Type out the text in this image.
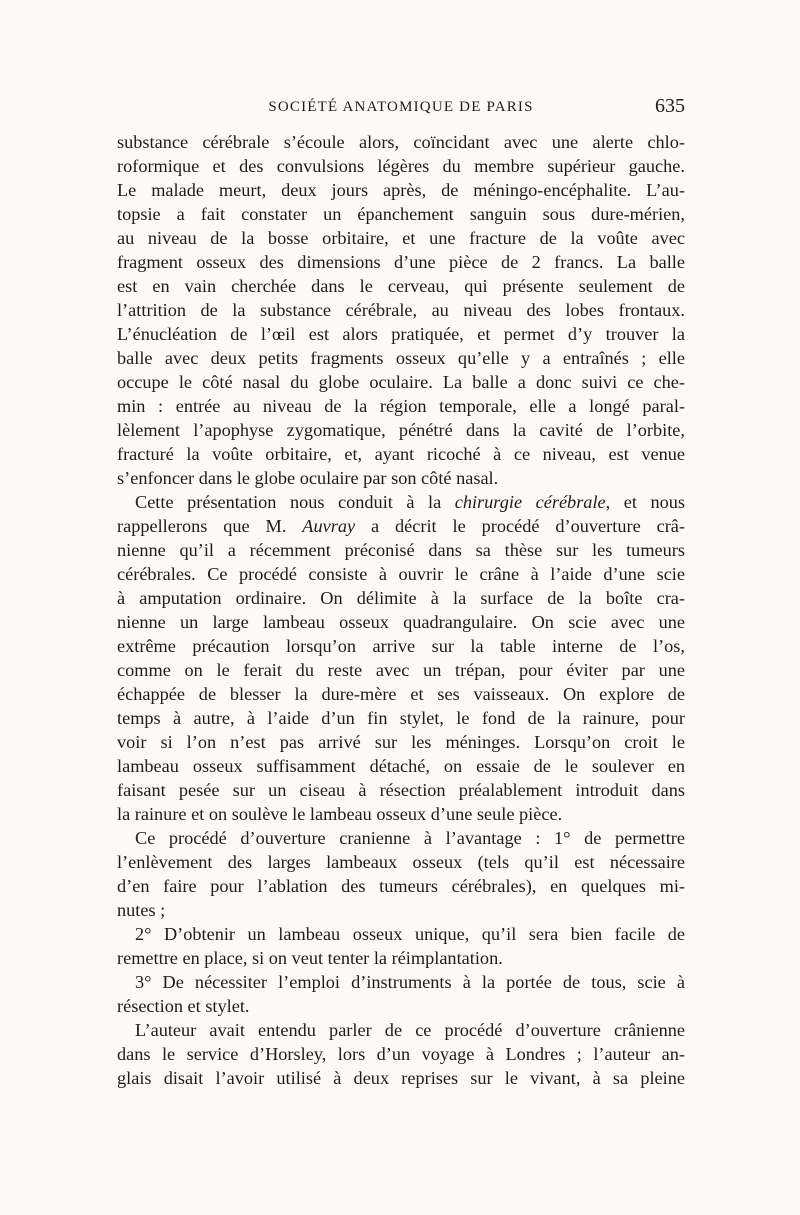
SOCIÉTÉ ANATOMIQUE DE PARIS	635
substance cérébrale s’écoule alors, coïncidant avec une alerte chlo-
roformique et des convulsions légères du membre supérieur gauche.
Le malade meurt, deux jours après, de méningo-encéphalite. L’au-
topsie a fait constater un épanchement sanguin sous dure-mérien,
au niveau de la bosse orbitaire, et une fracture de la voûte avec
fragment osseux des dimensions d’une pièce de 2 francs. La balle
est en vain cherchée dans le cerveau, qui présente seulement de
l’attrition de la substance cérébrale, au niveau des lobes frontaux.
L’énucléation de l’œil est alors pratiquée, et permet d’y trouver la
balle avec deux petits fragments osseux qu’elle y a entraînés ; elle
occupe le côté nasal du globe oculaire. La balle a donc suivi ce che-
min : entrée au niveau de la région temporale, elle a longé paral-
lèlement l’apophyse zygomatique, pénétré dans la cavité de l’orbite,
fracturé la voûte orbitaire, et, ayant ricoché à ce niveau, est venue
s’enfoncer dans le globe oculaire par son côté nasal.
Cette présentation nous conduit à la chirurgie cérébrale, et nous
rappellerons que M. Auvray a décrit le procédé d’ouverture crâ-
nienne qu’il a récemment préconisé dans sa thèse sur les tumeurs
cérébrales. Ce procédé consiste à ouvrir le crâne à l’aide d’une scie
à amputation ordinaire. On délimite à la surface de la boîte cra-
nienne un large lambeau osseux quadrangulaire. On scie avec une
extrême précaution lorsqu’on arrive sur la table interne de l’os,
comme on le ferait du reste avec un trépan, pour éviter par une
échappée de blesser la dure-mère et ses vaisseaux. On explore de
temps à autre, à l’aide d’un fin stylet, le fond de la rainure, pour
voir si l’on n’est pas arrivé sur les méninges. Lorsqu’on croit le
lambeau osseux suffisamment détaché, on essaie de le soulever en
faisant pesée sur un ciseau à résection préalablement introduit dans
la rainure et on soulève le lambeau osseux d’une seule pièce.
Ce procédé d’ouverture cranienne à l’avantage : 1° de permettre
l’enlèvement des larges lambeaux osseux (tels qu’il est nécessaire
d’en faire pour l’ablation des tumeurs cérébrales), en quelques mi-
nutes ;
2° D’obtenir un lambeau osseux unique, qu’il sera bien facile de
remettre en place, si on veut tenter la réimplantation.
3° De nécessiter l’emploi d’instruments à la portée de tous, scie à
résection et stylet.
L’auteur avait entendu parler de ce procédé d’ouverture crânienne
dans le service d’Horsley, lors d’un voyage à Londres ; l’auteur an-
glais disait l’avoir utilisé à deux reprises sur le vivant, à sa pleine
